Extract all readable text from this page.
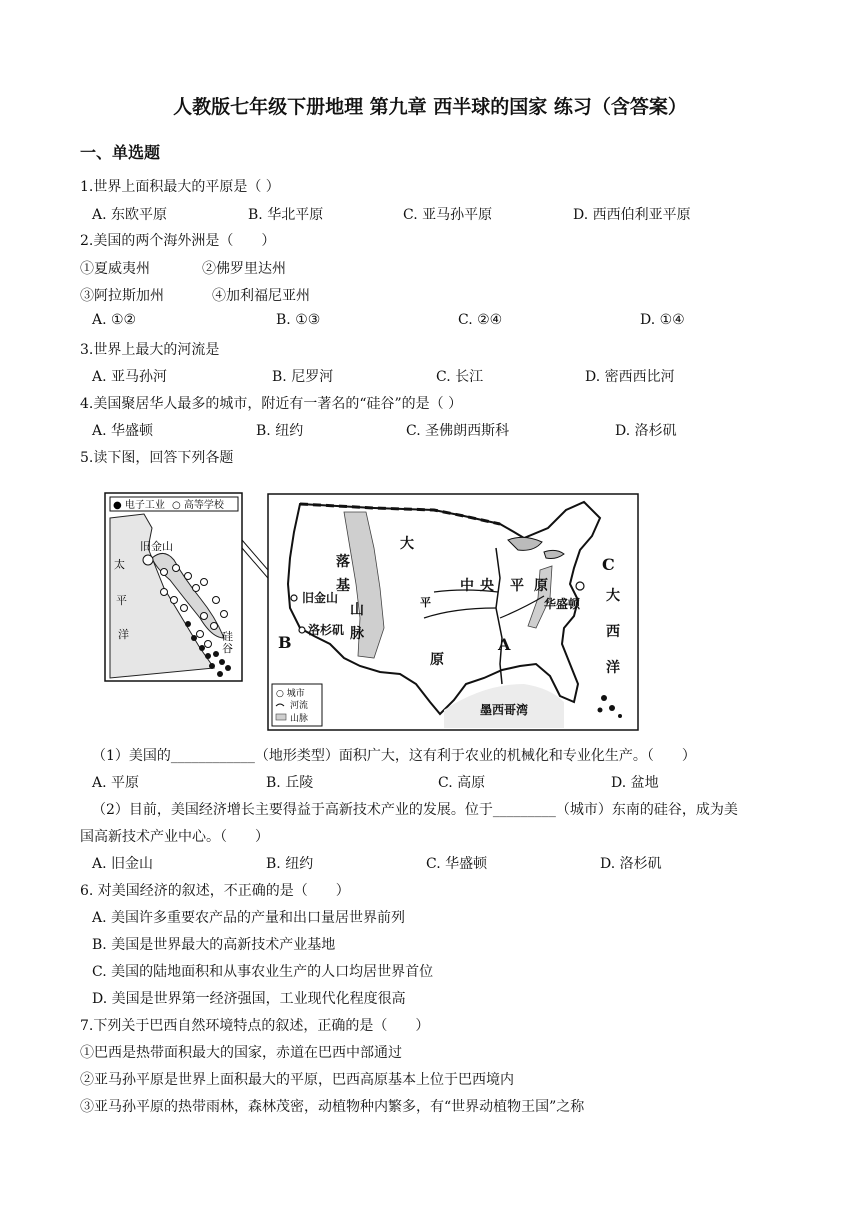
人教版七年级下册地理 第九章 西半球的国家 练习（含答案）
一、单选题
1.世界上面积最大的平原是（ ）
A. 东欧平原	B. 华北平原	C. 亚马孙平原	D. 西西伯利亚平原
2.美国的两个海外洲是（　　）
①夏威夷州	②佛罗里达州
③阿拉斯加州	④加利福尼亚州
A. ①②	B. ①③	C. ②④	D. ①④
3.世界上最大的河流是
A. 亚马孙河	B. 尼罗河	C. 长江	D. 密西西比河
4.美国聚居华人最多的城市，附近有一著名的“硅谷”的是（ ）
A. 华盛顿	B. 纽约	C. 圣佛朗西斯科	D. 洛杉矶
5.读下图，回答下列各题
● 电子工业 ○ 高等学校
旧金山
太
平
洋	硅
谷
落
基
山
脉
大
平
原
中 央 平 原
旧金山
洛杉矶
华盛顿
墨西哥湾
A
B
C
大
西
洋
○ 城市
河流
山脉
（1）美国的____________（地形类型）面积广大，这有利于农业的机械化和专业化生产。（　　）
A. 平原	B. 丘陵	C. 高原	D. 盆地
（2）目前，美国经济增长主要得益于高新技术产业的发展。位于_________（城市）东南的硅谷，成为美
国高新技术产业中心。（　　）
A. 旧金山	B. 纽约	C. 华盛顿	D. 洛杉矶
6. 对美国经济的叙述，不正确的是（　　）
A. 美国许多重要农产品的产量和出口量居世界前列
B. 美国是世界最大的高新技术产业基地
C. 美国的陆地面积和从事农业生产的人口均居世界首位
D. 美国是世界第一经济强国，工业现代化程度很高
7.下列关于巴西自然环境特点的叙述，正确的是（　　）
①巴西是热带面积最大的国家，赤道在巴西中部通过
②亚马孙平原是世界上面积最大的平原，巴西高原基本上位于巴西境内
③亚马孙平原的热带雨林，森林茂密，动植物种内繁多，有“世界动植物王国”之称
